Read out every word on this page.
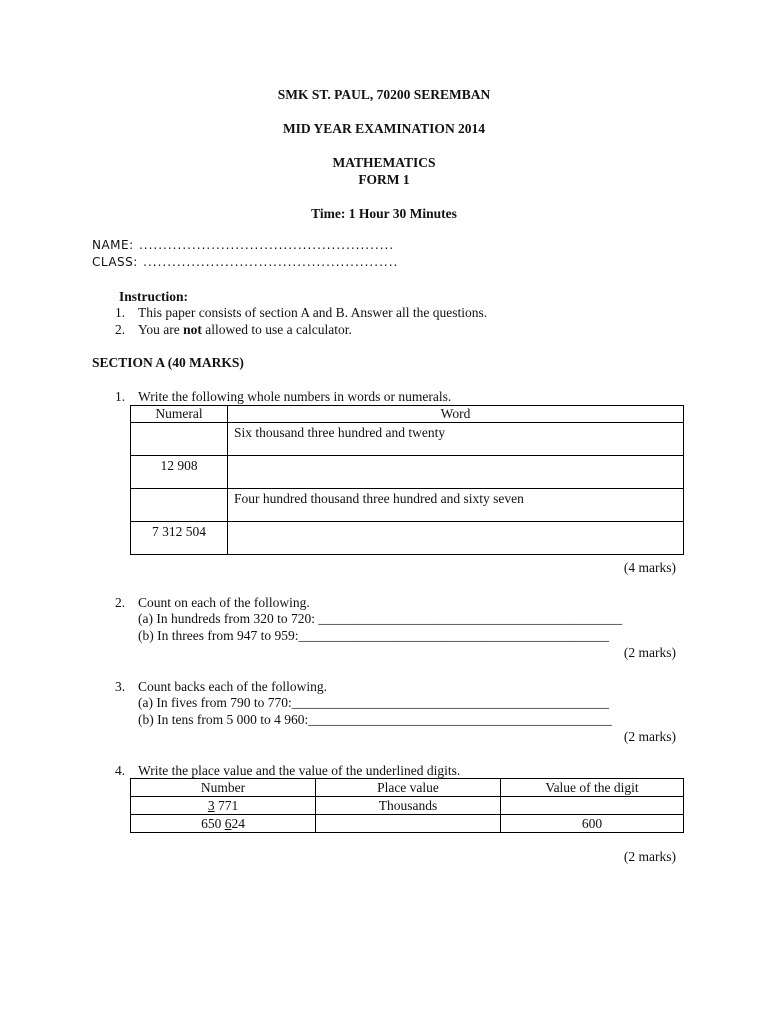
SMK ST. PAUL, 70200 SEREMBAN
MID YEAR EXAMINATION 2014
MATHEMATICS
FORM 1
Time: 1 Hour 30 Minutes
NAME: .....................................................
CLASS: .....................................................
Instruction:
1. This paper consists of section A and B. Answer all the questions.
2. You are not allowed to use a calculator.
SECTION A (40 MARKS)
1. Write the following whole numbers in words or numerals.
Numeral	Word
	Six thousand three hundred and twenty
12 908	
	Four hundred thousand three hundred and sixty seven
7 312 504	
(4 marks)
2. Count on each of the following.
(a) In hundreds from 320 to 720: _____________________________________________
(b) In threes from 947 to 959:______________________________________________
(2 marks)
3. Count backs each of the following.
(a) In fives from 790 to 770:_______________________________________________
(b) In tens from 5 000 to 4 960:_____________________________________________
(2 marks)
4. Write the place value and the value of the underlined digits.
Number	Place value	Value of the digit
3 771	Thousands	
650 624		600
(2 marks)
